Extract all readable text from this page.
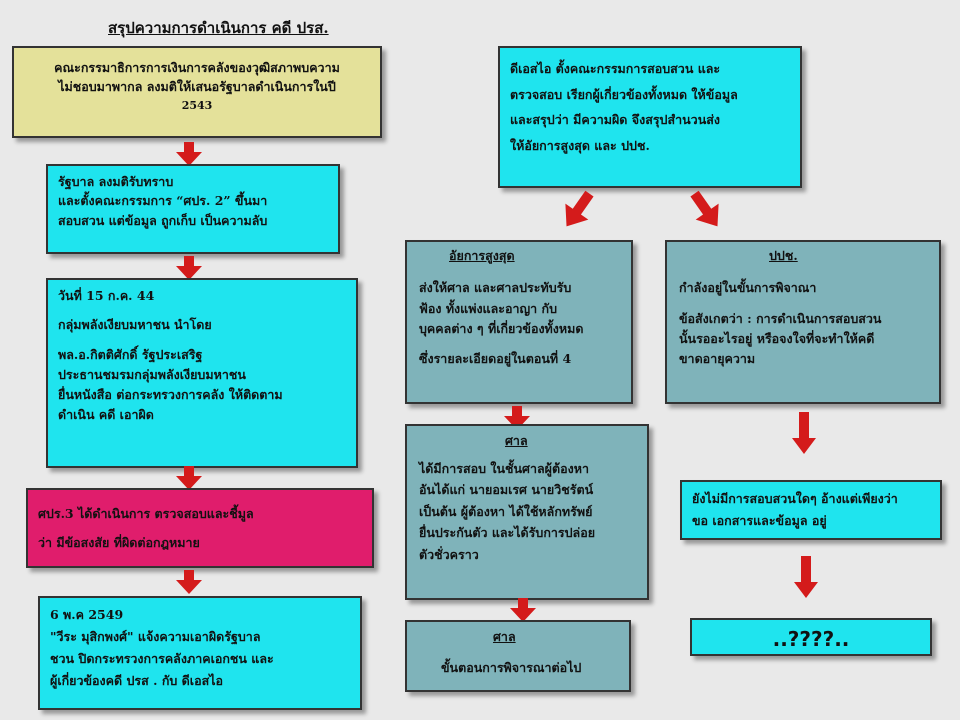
สรุปความการดำเนินการ คดี ปรส.

คณะกรรมาธิการการเงินการคลังของวุฒิสภาพบความ

ไม่ชอบมาพากล ลงมติให้เสนอรัฐบาลดำเนินการในปี

2543

รัฐบาล ลงมติรับทราบ

และตั้งคณะกรรมการ “ศปร. 2” ขึ้นมา

สอบสวน แต่ข้อมูล ถูกเก็บ เป็นความลับ

วันที่ 15 ก.ค. 44

กลุ่มพลังเงียบมหาชน นำโดย

พล.อ.กิตติศักดิ์ รัฐประเสริฐ

ประธานชมรมกลุ่มพลังเงียบมหาชน

ยื่นหนังสือ ต่อกระทรวงการคลัง ให้ติดตาม

ดำเนิน คดี เอาผิด

ศปร.3 ได้ดำเนินการ ตรวจสอบและชี้มูล

ว่า มีข้อสงสัย ที่ผิดต่อกฎหมาย

6 พ.ค 2549

"วีระ มุสิกพงศ์" แจ้งความเอาผิดรัฐบาล

ชวน ปิดกระทรวงการคลังภาคเอกชน และ

ผู้เกี่ยวข้องคดี ปรส . กับ ดีเอสไอ

ดีเอสไอ ตั้งคณะกรรมการสอบสวน และ

ตรวจสอบ เรียกผู้เกี่ยวข้องทั้งหมด ให้ข้อมูล

และสรุปว่า มีความผิด จึงสรุปสำนวนส่ง

ให้อัยการสูงสุด และ ปปช.

อัยการสูงสุด

ส่งให้ศาล และศาลประทับรับ

ฟ้อง ทั้งแพ่งและอาญา กับ

บุคคลต่าง ๆ ที่เกี่ยวข้องทั้งหมด

ซึ่งรายละเอียดอยู่ในตอนที่ 4

ปปช.

กำลังอยู่ในขั้นการพิจาณา

ข้อสังเกตว่า : การดำเนินการสอบสวน

นั้นรออะไรอยู่ หรือจงใจที่จะทำให้คดี

ขาดอายุความ

ศาล

ได้มีการสอบ ในชั้นศาลผู้ต้องหา

อันได้แก่ นายอมเรศ นายวิชรัตน์

เป็นต้น ผู้ต้องหา ได้ใช้หลักทรัพย์

ยื่นประกันตัว และได้รับการปล่อย

ตัวชั่วคราว

ศาล

ขั้นตอนการพิจารณาต่อไป

ยังไม่มีการสอบสวนใดๆ อ้างแต่เพียงว่า

ขอ เอกสารและข้อมูล อยู่

..????..
